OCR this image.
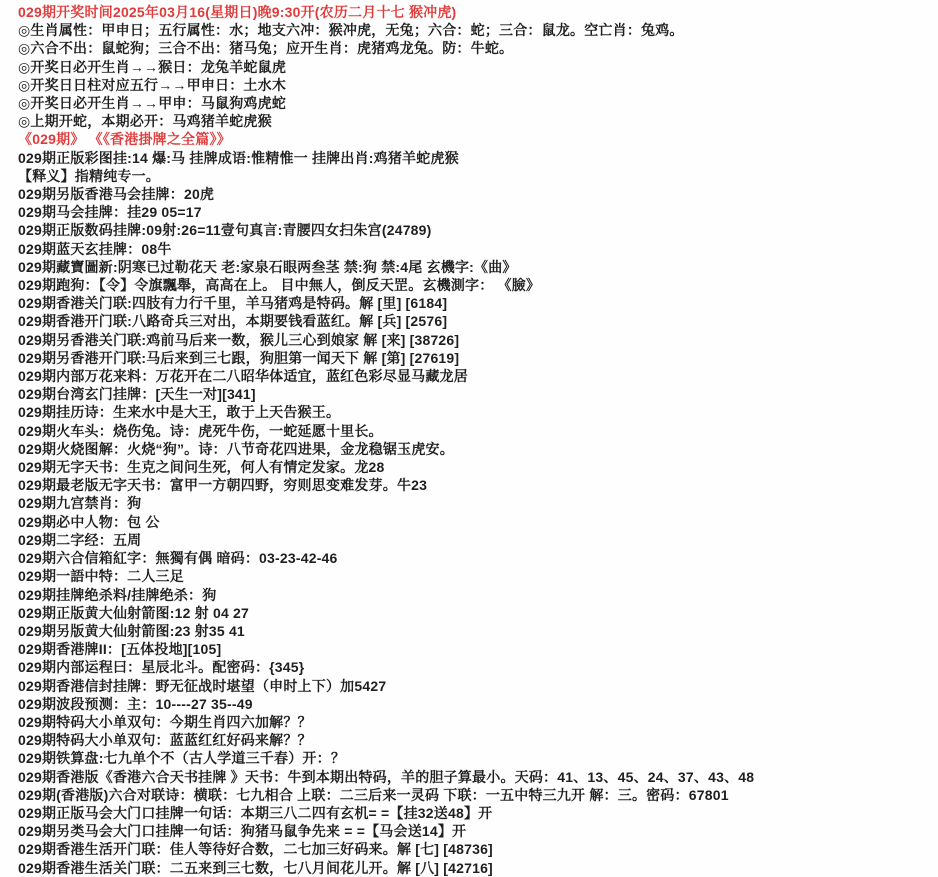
029期开奖时间2025年03月16(星期日)晚9:30开(农历二月十七 猴冲虎)
◎生肖属性：甲申日；五行属性：水；地支六冲：猴冲虎，无兔；六合：蛇；三合：鼠龙。空亡肖：兔鸡。
◎六合不出：鼠蛇狗；三合不出：猪马兔；应开生肖：虎猪鸡龙兔。防：牛蛇。
◎开奖日必开生肖→→猴日：龙兔羊蛇鼠虎
◎开奖日日柱对应五行→→甲申日：土水木
◎开奖日必开生肖→→甲申：马鼠狗鸡虎蛇
◎上期开蛇，本期必开：马鸡猪羊蛇虎猴
《029期》 《《香港掛牌之全篇》》
029期正版彩图挂:14 爆:马 挂牌成语:惟精惟一 挂牌出肖:鸡猪羊蛇虎猴
【释义】指精纯专一。
029期另版香港马会挂牌：20虎
029期马会挂牌：挂29 05=17
029期正版数码挂牌:09射:26=11壹句真言:青腰四女扫朱宫(24789)
029期蓝天玄挂牌：08牛
029期藏寶圖新:阴寒已过勒花天 老:家泉石眼两叁茎 禁:狗 禁:4尾 玄機字:《曲》
029期跑狗：【令】令旗飄舉，高高在上。 目中無人，倒反天罡。玄機測字： 《臉》
029期香港关门联:四肢有力行千里，羊马猪鸡是特码。解 [里] [6184]
029期香港开门联:八路奇兵三对出，本期要钱看蓝红。解 [兵] [2576]
029期另香港关门联:鸡前马后来一数，猴儿三心到娘家 解 [来] [38726]
029期另香港开门联:马后来到三七跟，狗胆第一闻天下 解 [第] [27619]
029期内部万花来料：万花开在二八昭华体适宜，蓝红色彩尽显马藏龙居
029期台湾玄门挂牌：[天生一对][341]
029期挂历诗：生来水中是大王，敢于上天告猴王。
029期火车头：烧伤兔。诗：虎死牛伤，一蛇延愿十里长。
029期火烧图解：火烧“狗”。诗：八节奇花四进果，金龙稳锯玉虎安。
029期无字天书：生克之间问生死，何人有情定发家。龙28
029期最老版无字天书：富甲一方朝四野，穷则思变难发芽。牛23
029期九宫禁肖：狗
029期必中人物：包 公
029期二字经：五周
029期六合信箱紅字：無獨有偶 暗码：03-23-42-46
029期一語中特：二人三足
029期挂牌绝杀料/挂牌绝杀：狗
029期正版黄大仙射箭图:12 射 04 27
029期另版黄大仙射箭图:23 射35 41
029期香港牌II：[五体投地][105]
029期内部运程曰：星辰北斗。配密码：{345}
029期香港信封挂牌：野无征战时堪望（申时上下）加5427
029期波段预测：主：10----27 35--49
029期特码大小单双句：今期生肖四六加解？？
029期特码大小单双句：蓝蓝红红好码来解？？
029期铁算盘:七九单个不（古人学道三千春）开：？
029期香港版《香港六合天书挂牌 》天书：牛到本期出特码，羊的胆子算最小。天码：41、13、45、24、37、43、48
029期(香港版)六合对联诗：横联：七九相合 上联：二三后来一灵码 下联：一五中特三九开 解：三。密码：67801
029期正版马会大门口挂牌一句话：本期三八二四有玄机= =【挂32送48】开
029期另类马会大门口挂牌一句话：狗猪马鼠争先来 = =【马会送14】开
029期香港生活开门联：佳人等待好合数，二七加三好码来。解 [七] [48736]
029期香港生活关门联：二五来到三七数，七八月间花儿开。解 [八] [42716]
